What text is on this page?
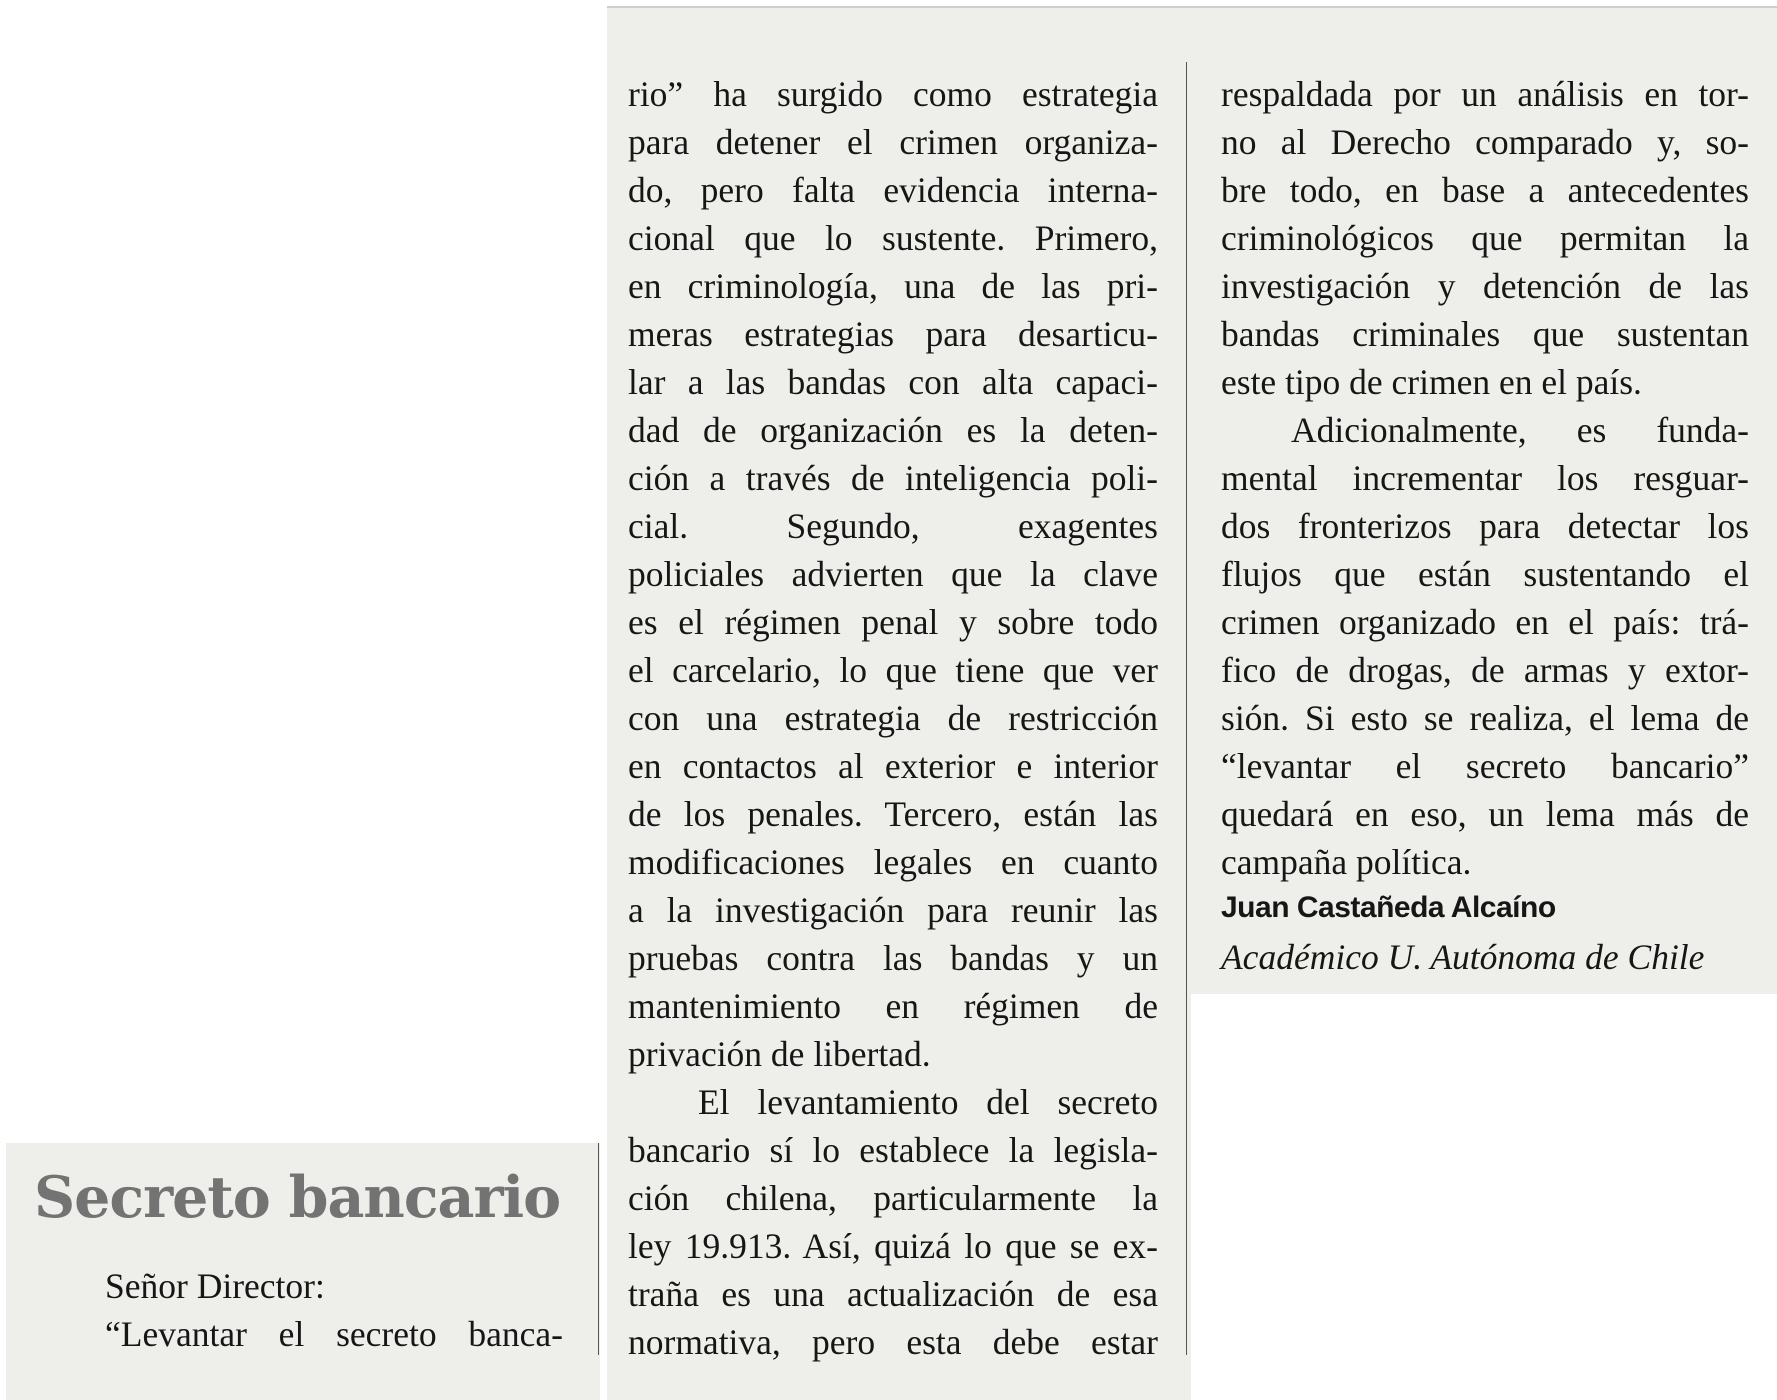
Secreto bancario
Señor Director:
“Levantar el secreto banca-
rio” ha surgido como estrategia
para detener el crimen organiza-
do, pero falta evidencia interna-
cional que lo sustente. Primero,
en criminología, una de las pri-
meras estrategias para desarticu-
lar a las bandas con alta capaci-
dad de organización es la deten-
ción a través de inteligencia poli-
cial. Segundo, exagentes
policiales advierten que la clave
es el régimen penal y sobre todo
el carcelario, lo que tiene que ver
con una estrategia de restricción
en contactos al exterior e interior
de los penales. Tercero, están las
modificaciones legales en cuanto
a la investigación para reunir las
pruebas contra las bandas y un
mantenimiento en régimen de
privación de libertad.
El levantamiento del secreto
bancario sí lo establece la legisla-
ción chilena, particularmente la
ley 19.913. Así, quizá lo que se ex-
traña es una actualización de esa
normativa, pero esta debe estar
respaldada por un análisis en tor-
no al Derecho comparado y, so-
bre todo, en base a antecedentes
criminológicos que permitan la
investigación y detención de las
bandas criminales que sustentan
este tipo de crimen en el país.
Adicionalmente, es funda-
mental incrementar los resguar-
dos fronterizos para detectar los
flujos que están sustentando el
crimen organizado en el país: trá-
fico de drogas, de armas y extor-
sión. Si esto se realiza, el lema de
“levantar el secreto bancario”
quedará en eso, un lema más de
campaña política.
Juan Castañeda Alcaíno
Académico U. Autónoma de Chile
